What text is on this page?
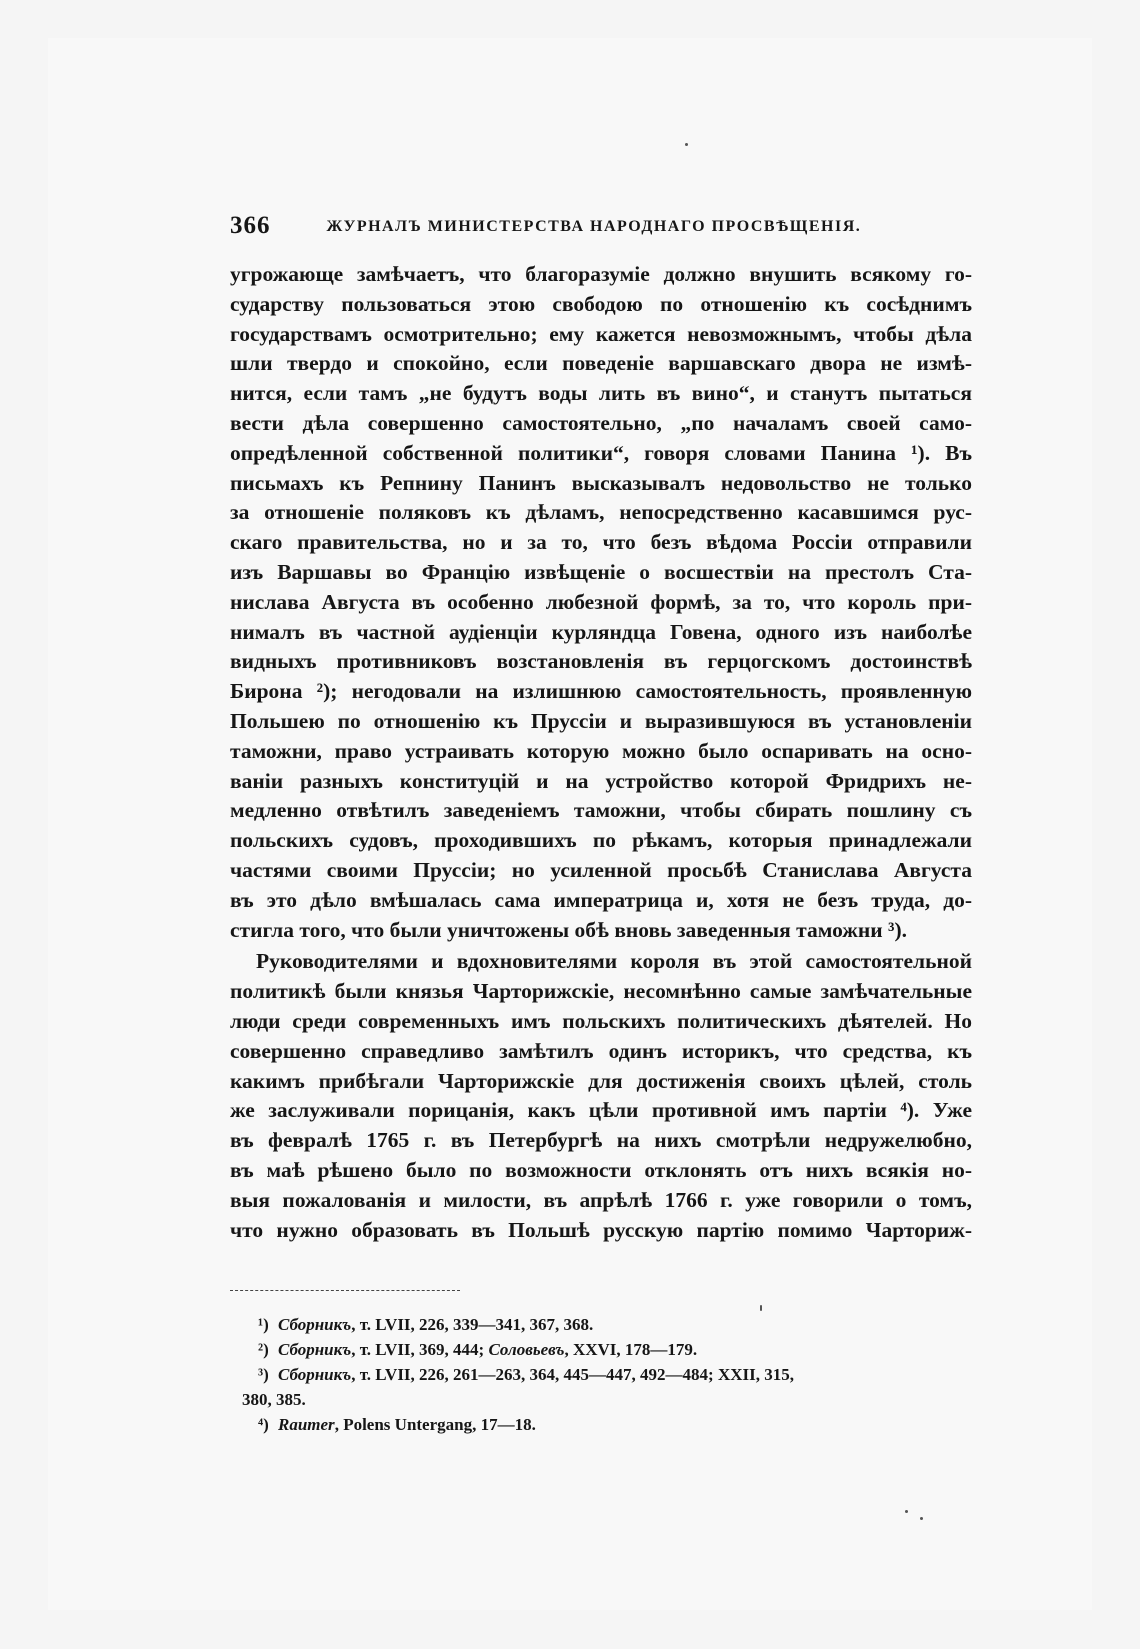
366	ЖУРНАЛЪ МИНИСТЕРСТВА НАРОДНАГО ПРОСВѢЩЕНІЯ.
угрожающе замѣчаетъ, что благоразуміе должно внушить всякому го-
сударству пользоваться этою свободою по отношенію къ сосѣднимъ
государствамъ осмотрительно; ему кажется невозможнымъ, чтобы дѣла
шли твердо и спокойно, если поведеніе варшавскаго двора не измѣ-
нится, если тамъ „не будутъ воды лить въ вино“, и станутъ пытаться
вести дѣла совершенно самостоятельно, „по началамъ своей само-
опредѣленной собственной политики“, говоря словами Панина ¹). Въ
письмахъ къ Репнину Панинъ высказывалъ недовольство не только
за отношеніе поляковъ къ дѣламъ, непосредственно касавшимся рус-
скаго правительства, но и за то, что безъ вѣдома Россіи отправили
изъ Варшавы во Францію извѣщеніе о восшествіи на престолъ Ста-
нислава Августа въ особенно любезной формѣ, за то, что король при-
нималъ въ частной аудіенціи курляндца Говена, одного изъ наиболѣе
видныхъ противниковъ возстановленія въ герцогскомъ достоинствѣ
Бирона ²); негодовали на излишнюю самостоятельность, проявленную
Польшею по отношенію къ Пруссіи и выразившуюся въ установленіи
таможни, право устраивать которую можно было оспаривать на осно-
ваніи разныхъ конституцій и на устройство которой Фридрихъ не-
медленно отвѣтилъ заведеніемъ таможни, чтобы сбирать пошлину съ
польскихъ судовъ, проходившихъ по рѣкамъ, которыя принадлежали
частями своими Пруссіи; но усиленной просьбѣ Станислава Августа
въ это дѣло вмѣшалась сама императрица и, хотя не безъ труда, до-
стигла того, что были уничтожены обѣ вновь заведенныя таможни ³).
Руководителями и вдохновителями короля въ этой самостоятельной
политикѣ были князья Чарторижскіе, несомнѣнно самые замѣчательные
люди среди современныхъ имъ польскихъ политическихъ дѣятелей. Но
совершенно справедливо замѣтилъ одинъ историкъ, что средства, къ
какимъ прибѣгали Чарторижскіе для достиженія своихъ цѣлей, столь
же заслуживали порицанія, какъ цѣли противной имъ партіи ⁴). Уже
въ февралѣ 1765 г. въ Петербургѣ на нихъ смотрѣли недружелюбно,
въ маѣ рѣшено было по возможности отклонять отъ нихъ всякія но-
выя пожалованія и милости, въ апрѣлѣ 1766 г. уже говорили о томъ,
что нужно образовать въ Польшѣ русскую партію помимо Чарториж-
¹) Сборникъ, т. LVII, 226, 339—341, 367, 368.
²) Сборникъ, т. LVII, 369, 444; Соловьевъ, XXVI, 178—179.
³) Сборникъ, т. LVII, 226, 261—263, 364, 445—447, 492—484; XXII, 315,
380, 385.
⁴) Raumer, Polens Untergang, 17—18.
